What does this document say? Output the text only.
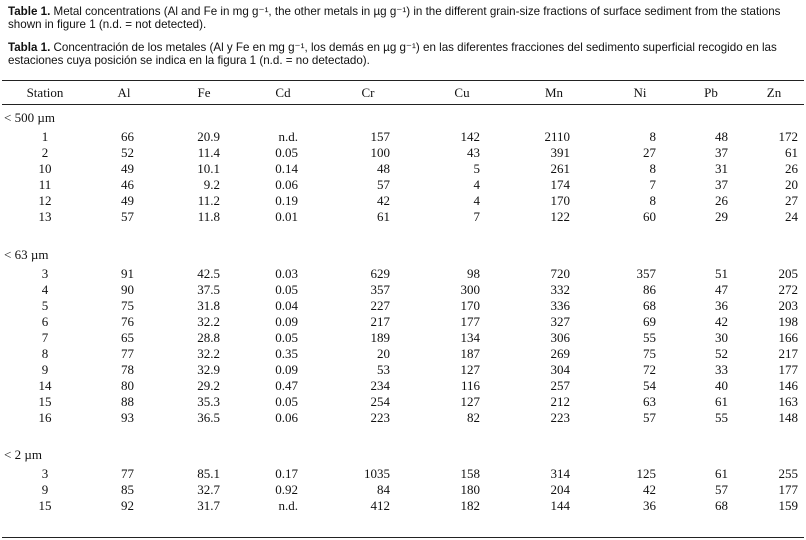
Table 1. Metal concentrations (Al and Fe in mg g⁻¹, the other metals in µg g⁻¹) in the different grain-size fractions of surface sediment from the stations shown in figure 1 (n.d. = not detected).
Tabla 1. Concentración de los metales (Al y Fe en mg g⁻¹, los demás en µg g⁻¹) en las diferentes fracciones del sedimento superficial recogido en las estaciones cuya posición se indica en la figura 1 (n.d. = no detectado).
Station	Al	Fe	Cd	Cr	Cu	Mn	Ni	Pb	Zn
< 500 µm									
1	66	20.9	n.d.	157	142	2110	8	48	172
2	52	11.4	0.05	100	43	391	27	37	61
10	49	10.1	0.14	48	5	261	8	31	26
11	46	9.2	0.06	57	4	174	7	37	20
12	49	11.2	0.19	42	4	170	8	26	27
13	57	11.8	0.01	61	7	122	60	29	24

< 63 µm									
3	91	42.5	0.03	629	98	720	357	51	205
4	90	37.5	0.05	357	300	332	86	47	272
5	75	31.8	0.04	227	170	336	68	36	203
6	76	32.2	0.09	217	177	327	69	42	198
7	65	28.8	0.05	189	134	306	55	30	166
8	77	32.2	0.35	20	187	269	75	52	217
9	78	32.9	0.09	53	127	304	72	33	177
14	80	29.2	0.47	234	116	257	54	40	146
15	88	35.3	0.05	254	127	212	63	61	163
16	93	36.5	0.06	223	82	223	57	55	148

< 2 µm									
3	77	85.1	0.17	1035	158	314	125	61	255
9	85	32.7	0.92	84	180	204	42	57	177
15	92	31.7	n.d.	412	182	144	36	68	159
